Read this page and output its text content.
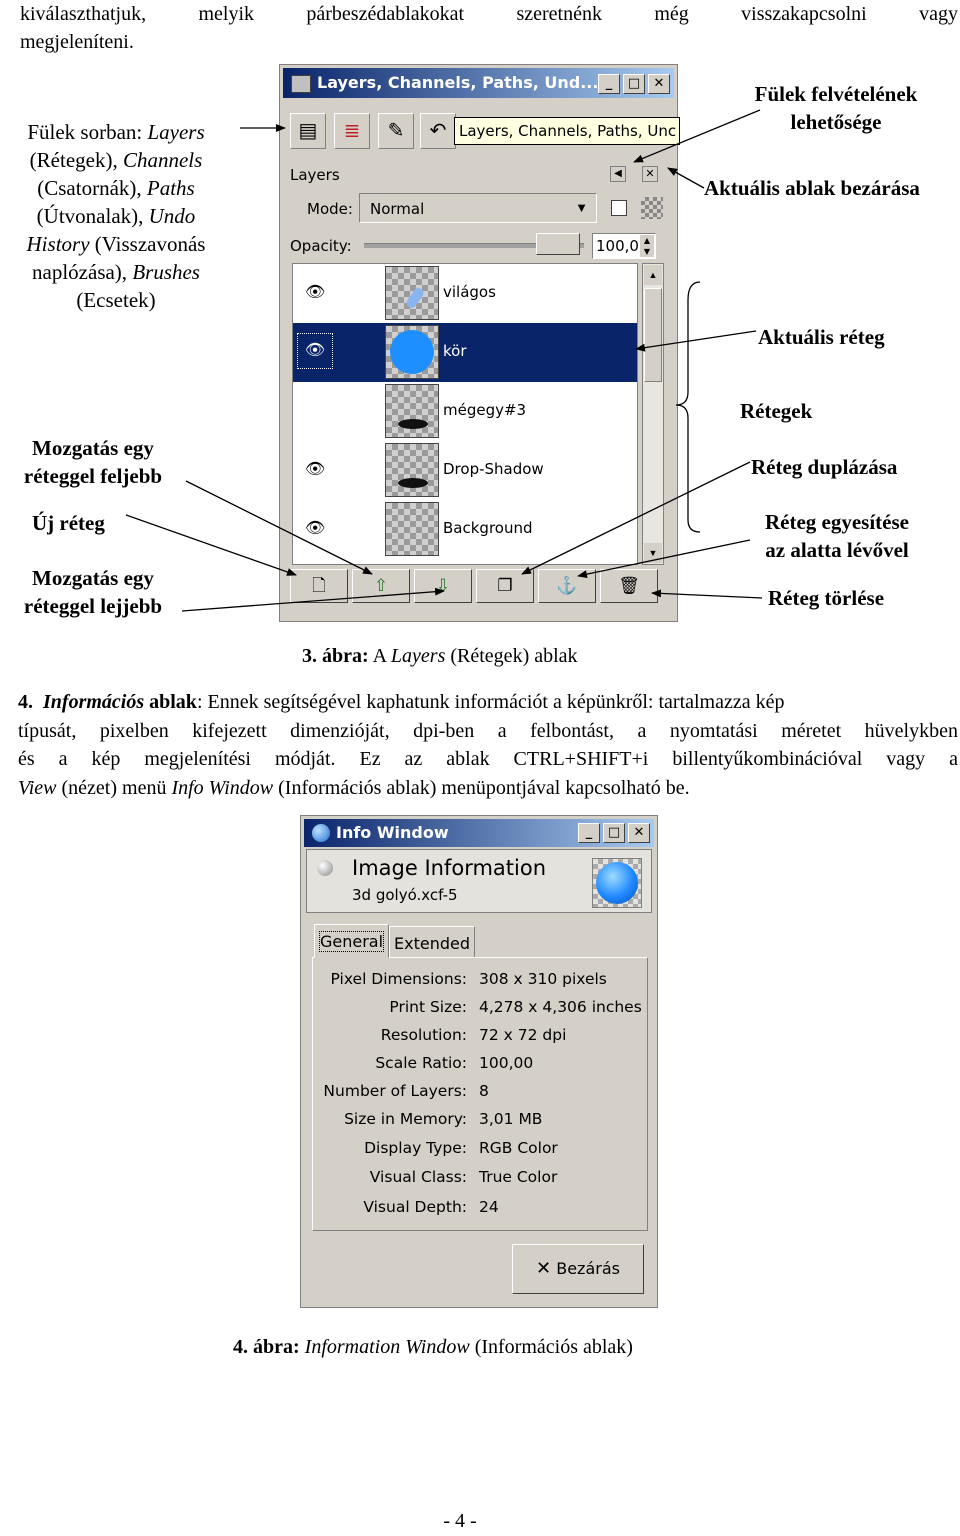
kiválaszthatjuk,	melyik	párbeszédablakokat	szeretnénk	még	visszakapcsolni	vagy
megjeleníteni.
Fülek sorban: Layers
(Rétegek), Channels
(Csatornák), Paths
(Útvonalak), Undo
History (Visszavonás
naplózása), Brushes
(Ecsetek)
Mozgatás egy
réteggel feljebb
Új réteg
Mozgatás egy
réteggel lejjebb
Fülek felvételének
lehetősége
Aktuális ablak bezárása
Aktuális réteg
Rétegek
Réteg duplázása
Réteg egyesítése
az alatta lévővel
Réteg törlése
Layers, Channels, Paths, Und... _	□	✕
▤	≣	✎	↶ Layers, Channels, Paths, Unc
Layers	◀	✕
Mode: Normal	▼
Opacity:	100,0 ▲
▼
👁	világos
👁	kör
mégegy#3
👁	Drop-Shadow
👁	Background
▲
▼
🗋	⇧	⇩	❐	⚓	🗑
3. ábra: A Layers (Rétegek) ablak
4. Információs ablak: Ennek segítségével kaphatunk információt a képünkről: tartalmazza kép
típusát, pixelben kifejezett dimenzióját, dpi-ben a felbontást, a nyomtatási méretet hüvelykben
és a kép megjelenítési módját. Ez az ablak CTRL+SHIFT+i billentyűkombinációval vagy a
View (nézet) menü Info Window (Információs ablak) menüpontjával kapcsolható be.
Info Window	_	□	✕
Image Information
3d golyó.xcf-5
General Extended
Pixel Dimensions: 308 x 310 pixels
Print Size: 4,278 x 4,306 inches
Resolution: 72 x 72 dpi
Scale Ratio: 100,00
Number of Layers: 8
Size in Memory: 3,01 MB
Display Type: RGB Color
Visual Class: True Color
Visual Depth: 24
✕ Bezárás
4. ábra: Information Window (Információs ablak)
- 4 -
